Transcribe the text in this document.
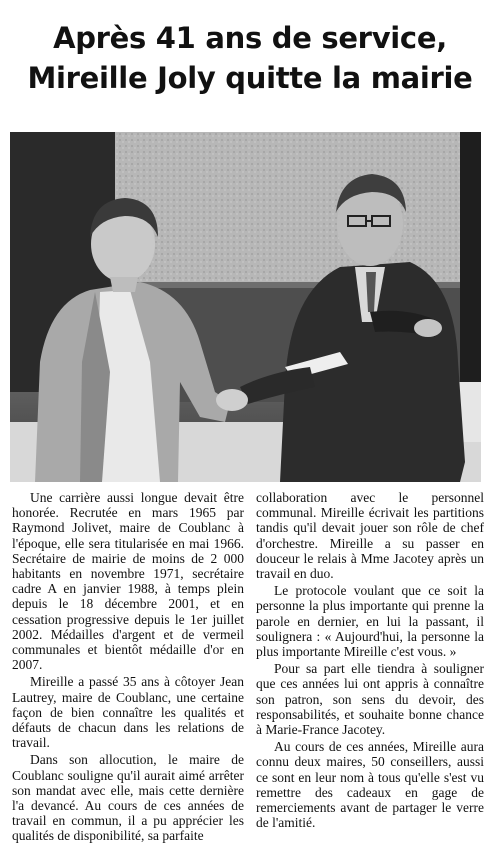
Après 41 ans de service,
Mireille Joly quitte la mairie

Une carrière aussi longue devait être honorée. Recrutée en mars 1965 par Raymond Jolivet, maire de Coublanc à l'époque, elle sera titularisée en mai 1966. Secrétaire de mairie de moins de 2 000 habitants en novembre 1971, secrétaire cadre A en janvier 1988, à temps plein depuis le 18 décembre 2001, et en cessation progressive depuis le 1er juillet 2002. Médailles d'argent et de vermeil communales et bientôt médaille d'or en 2007.

Mireille a passé 35 ans à côtoyer Jean Lautrey, maire de Coublanc, une certaine façon de bien connaître les qualités et défauts de chacun dans les relations de travail.

Dans son allocution, le maire de Coublanc souligne qu'il aurait aimé arrêter son mandat avec elle, mais cette dernière l'a devancé. Au cours de ces années de travail en commun, il a pu apprécier les qualités de disponibilité, sa parfaite

collaboration avec le personnel communal. Mireille écrivait les partitions tandis qu'il devait jouer son rôle de chef d'orchestre. Mireille a su passer en douceur le relais à Mme Jacotey après un travail en duo.

Le protocole voulant que ce soit la personne la plus importante qui prenne la parole en dernier, en lui la passant, il soulignera : « Aujourd'hui, la personne la plus importante Mireille c'est vous. »

Pour sa part elle tiendra à souligner que ces années lui ont appris à connaître son patron, son sens du devoir, des responsabilités, et souhaite bonne chance à Marie-France Jacotey.

Au cours de ces années, Mireille aura connu deux maires, 50 conseillers, aussi ce sont en leur nom à tous qu'elle s'est vu remettre des cadeaux en gage de remerciements avant de partager le verre de l'amitié.
